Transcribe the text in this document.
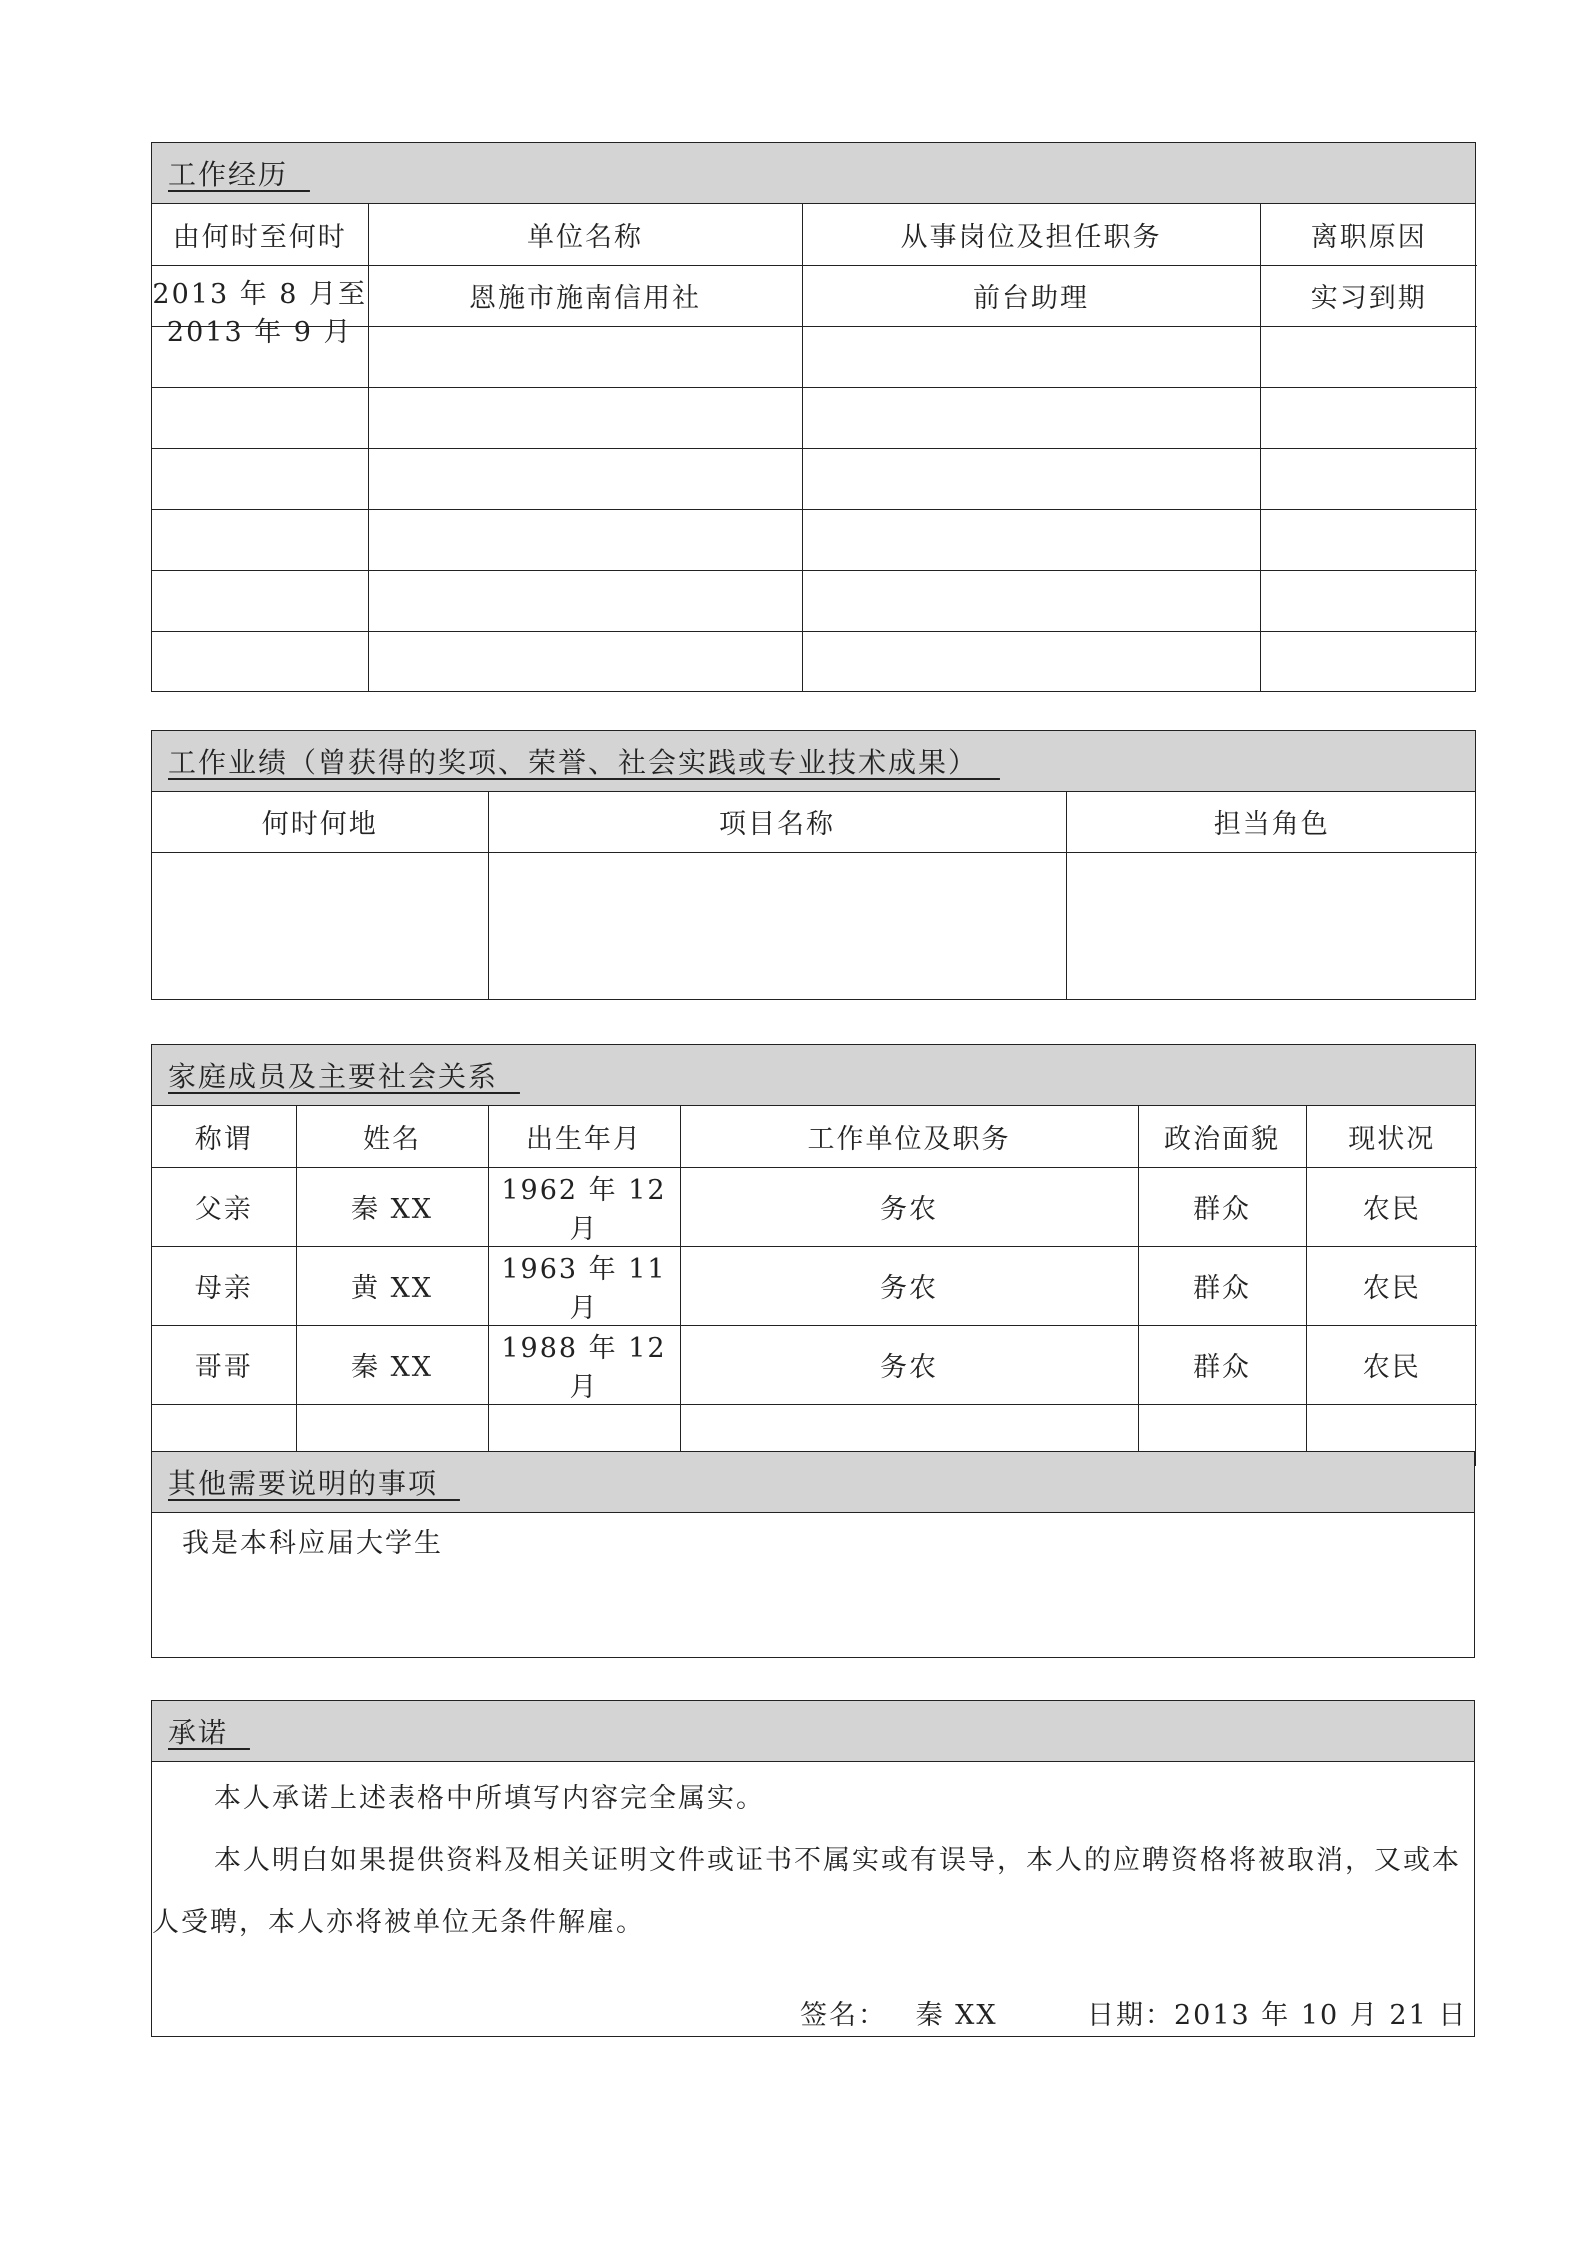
工作经历
由何时至何时	单位名称	从事岗位及担任职务	离职原因

2013 年 8 月至 2013 年 9 月	恩施市施南信用社	前台助理	实习到期

工作业绩（曾获得的奖项、荣誉、社会实践或专业技术成果）
何时何地	项目名称	担当角色

家庭成员及主要社会关系
称谓	姓名	出生年月	工作单位及职务	政治面貌	现状况
父亲	秦 XX	1962 年 12 月	务农	群众	农民
母亲	黄 XX	1963 年 11 月	务农	群众	农民
哥哥	秦 XX	1988 年 12 月	务农	群众	农民

其他需要说明的事项
我是本科应届大学生
承诺
本人承诺上述表格中所填写内容完全属实。
本人明白如果提供资料及相关证明文件或证书不属实或有误导，本人的应聘资格将被取消，又或本
人受聘，本人亦将被单位无条件解雇。
签名： 秦 XX	日期：2013 年 10 月 21 日
